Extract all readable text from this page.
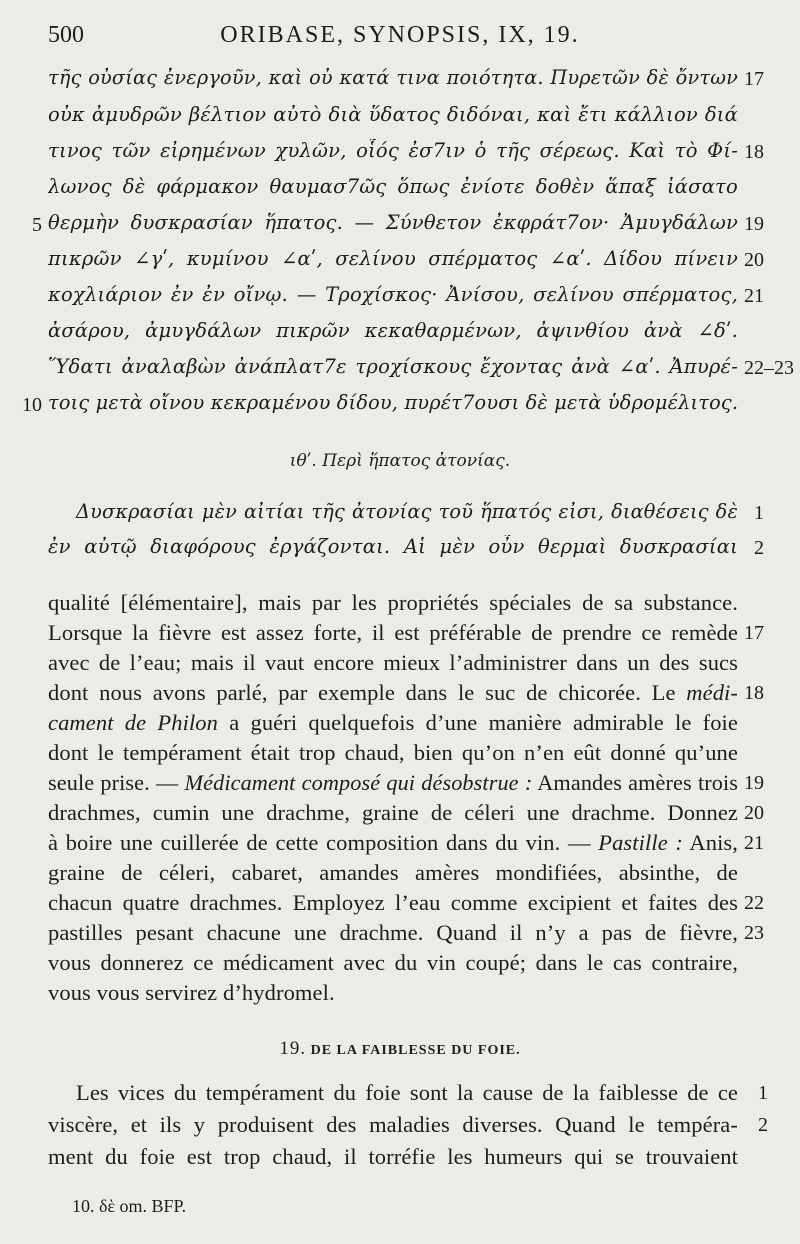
500	ORIBASE, SYNOPSIS, IX, 19.
τῆς οὐσίας ἐνεργοῦν, καὶ οὐ κατά τινα ποιότητα. Πυρετῶν δὲ ὄντων 17
οὐκ ἀμυδρῶν βέλτιον αὐτὸ διὰ ὕδατος διδόναι, καὶ ἔτι κάλλιον διά
τινος τῶν εἰρημένων χυλῶν, οἷός ἐσ7ιν ὁ τῆς σέρεως. Καὶ τὸ Φί- 18
λωνος δὲ φάρμακον θαυμασ7ῶς ὅπως ἐνίοτε δοθὲν ἅπαξ ἰάσατο
5 θερμὴν δυσκρασίαν ἥπατος. — Σύνθετον ἐκφράτ7ον· Ἀμυγδάλων 19
πικρῶν ∠γʹ, κυμίνου ∠αʹ, σελίνου σπέρματος ∠αʹ. Δίδου πίνειν 20
κοχλιάριον ἐν ἐν οἴνῳ. — Τροχίσκος· Ἀνίσου, σελίνου σπέρματος, 21
ἀσάρου, ἀμυγδάλων πικρῶν κεκαθαρμένων, ἀψινθίου ἀνὰ ∠δʹ.
Ὕδατι ἀναλαβὼν ἀνάπλατ7ε τροχίσκους ἔχοντας ἀνὰ ∠αʹ. Ἀπυρέ- 22–23
10 τοις μετὰ οἴνου κεκραμένου δίδου, πυρέτ7ουσι δὲ μετὰ ὑδρομέλιτος.
ιθʹ. Περὶ ἥπατος ἀτονίας.
Δυσκρασίαι μὲν αἰτίαι τῆς ἀτονίας τοῦ ἥπατός εἰσι, διαθέσεις δὲ 1
ἐν αὐτῷ διαφόρους ἐργάζονται. Αἱ μὲν οὖν θερμαὶ δυσκρασίαι 2
qualité [élémentaire], mais par les propriétés spéciales de sa substance.
Lorsque la fièvre est assez forte, il est préférable de prendre ce remède 17
avec de l’eau; mais il vaut encore mieux l’administrer dans un des sucs
dont nous avons parlé, par exemple dans le suc de chicorée. Le médi- 18
cament de Philon a guéri quelquefois d’une manière admirable le foie
dont le tempérament était trop chaud, bien qu’on n’en eût donné qu’une
seule prise. — Médicament composé qui désobstrue : Amandes amères trois 19
drachmes, cumin une drachme, graine de céleri une drachme. Donnez 20
à boire une cuillerée de cette composition dans du vin. — Pastille : Anis, 21
graine de céleri, cabaret, amandes amères mondifiées, absinthe, de
chacun quatre drachmes. Employez l’eau comme excipient et faites des 22
pastilles pesant chacune une drachme. Quand il n’y a pas de fièvre, 23
vous donnerez ce médicament avec du vin coupé; dans le cas contraire,
vous vous servirez d’hydromel.
19. DE LA FAIBLESSE DU FOIE.
Les vices du tempérament du foie sont la cause de la faiblesse de ce 1
viscère, et ils y produisent des maladies diverses. Quand le tempéra- 2
ment du foie est trop chaud, il torréfie les humeurs qui se trouvaient
10. δὲ om. BFP.
